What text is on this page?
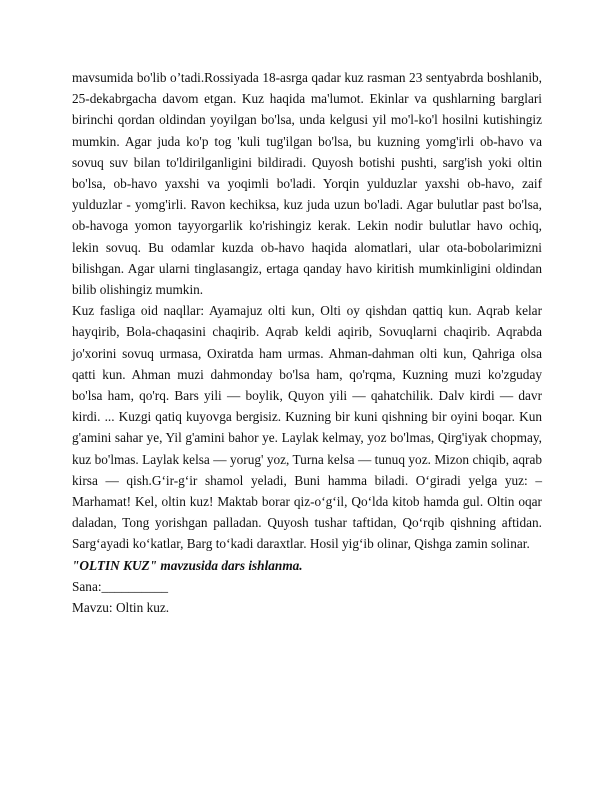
mavsumida bo'lib o’tadi.Rossiyada 18-asrga qadar kuz rasman 23 sentyabrda boshlanib, 25-dekabrgacha davom etgan. Kuz haqida ma'lumot. Ekinlar va qushlarning barglari birinchi qordan oldindan yoyilgan bo'lsa, unda kelgusi yil mo'l-ko'l hosilni kutishingiz mumkin. Agar juda ko'p tog 'kuli tug'ilgan bo'lsa, bu kuzning yomg'irli ob-havo va sovuq suv bilan to'ldirilganligini bildiradi. Quyosh botishi pushti, sarg'ish yoki oltin bo'lsa, ob-havo yaxshi va yoqimli bo'ladi. Yorqin yulduzlar yaxshi ob-havo, zaif yulduzlar - yomg'irli. Ravon kechiksa, kuz juda uzun bo'ladi. Agar bulutlar past bo'lsa, ob-havoga yomon tayyorgarlik ko'rishingiz kerak. Lekin nodir bulutlar havo ochiq, lekin sovuq. Bu odamlar kuzda ob-havo haqida alomatlari, ular ota-bobolarimizni bilishgan. Agar ularni tinglasangiz, ertaga qanday havo kiritish mumkinligini oldindan bilib olishingiz mumkin.

Kuz fasliga oid naqllar: Ayamajuz olti kun, Olti oy qishdan qattiq kun. Aqrab kelar hayqirib, Bola-chaqasini chaqirib. Aqrab keldi aqirib, Sovuqlarni chaqirib. Aqrabda jo'xorini sovuq urmasa, Oxiratda ham urmas. Ahman-dahman olti kun, Qahriga olsa qatti kun. Ahman muzi dahmonday bo'lsa ham, qo'rqma, Kuzning muzi ko'zguday bo'lsa ham, qo'rq. Bars yili — boylik, Quyon yili — qahatchilik. Dalv kirdi — davr kirdi. ... Kuzgi qatiq kuyovga bergisiz. Kuzning bir kuni qishning bir oyini boqar. Kun g'amini sahar ye, Yil g'amini bahor ye. Laylak kelmay, yoz bo'lmas, Qirg'iyak chopmay, kuz bo'lmas. Laylak kelsa — yorug' yoz, Turna kelsa — tunuq yoz. Mizon chiqib, aqrab kirsa — qish.G‘ir-g‘ir shamol yeladi, Buni hamma biladi. O‘giradi yelga yuz: – Marhamat! Kel, oltin kuz! Maktab borar qiz-o‘g‘il, Qo‘lda kitob hamda gul. Oltin oqar daladan, Tong yorishgan palladan. Quyosh tushar taftidan, Qo‘rqib qishning aftidan. Sarg‘ayadi ko‘katlar, Barg to‘kadi daraxtlar. Hosil yig‘ib olinar, Qishga zamin solinar.

"OLTIN KUZ" mavzusida dars ishlanma.

Sana:__________

Mavzu: Oltin kuz.
